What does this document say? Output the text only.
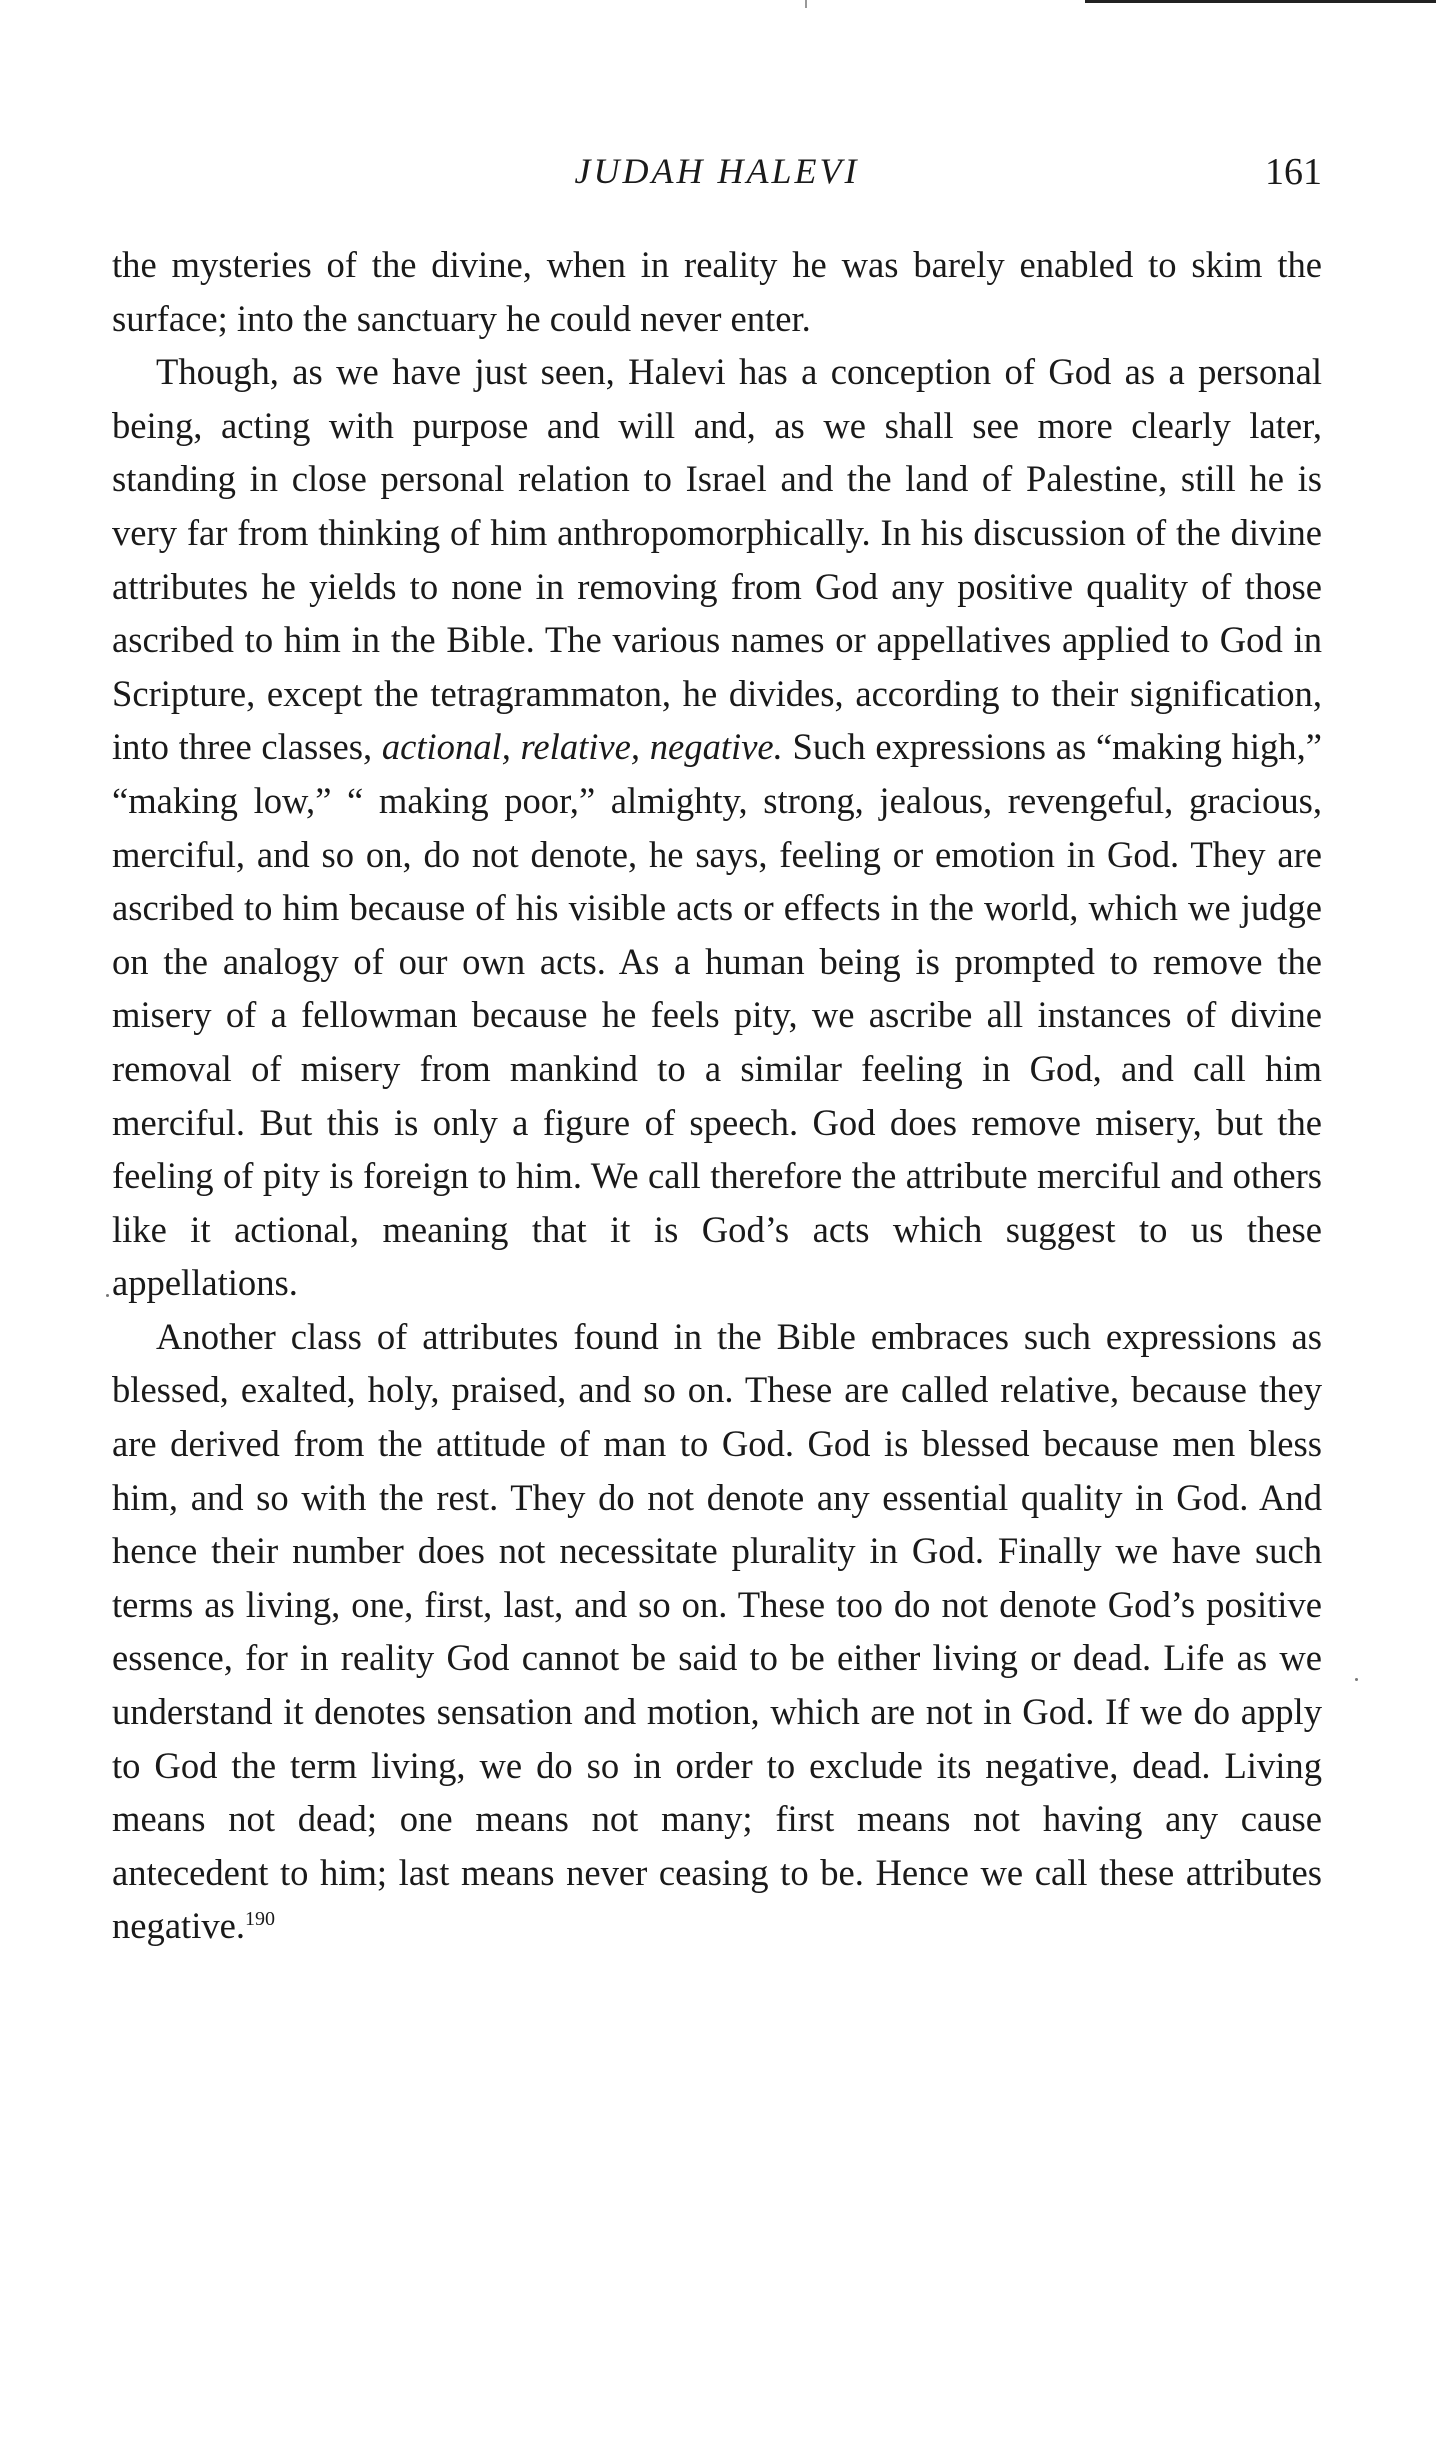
JUDAH HALEVI	161

the mysteries of the divine, when in reality he was barely enabled to skim the surface; into the sanctuary he could never enter.

Though, as we have just seen, Halevi has a conception of God as a personal being, acting with purpose and will and, as we shall see more clearly later, standing in close personal relation to Israel and the land of Palestine, still he is very far from thinking of him anthropomorphically. In his discussion of the divine attributes he yields to none in removing from God any positive quality of those ascribed to him in the Bible. The various names or appellatives applied to God in Scripture, except the tetragrammaton, he divides, according to their signification, into three classes, actional, relative, negative. Such expressions as “making high,” “making low,” “ making poor,” almighty, strong, jealous, revengeful, gracious, merciful, and so on, do not denote, he says, feeling or emotion in God. They are ascribed to him because of his visible acts or effects in the world, which we judge on the analogy of our own acts. As a human being is prompted to remove the misery of a fellowman because he feels pity, we ascribe all instances of divine removal of misery from mankind to a similar feeling in God, and call him merciful. But this is only a figure of speech. God does remove misery, but the feeling of pity is foreign to him. We call therefore the attribute merciful and others like it actional, meaning that it is God’s acts which suggest to us these appellations.

Another class of attributes found in the Bible embraces such expressions as blessed, exalted, holy, praised, and so on. These are called relative, because they are derived from the attitude of man to God. God is blessed because men bless him, and so with the rest. They do not denote any essential quality in God. And hence their number does not necessitate plurality in God. Finally we have such terms as living, one, first, last, and so on. These too do not denote God’s positive essence, for in reality God cannot be said to be either living or dead. Life as we understand it denotes sensation and motion, which are not in God. If we do apply to God the term living, we do so in order to exclude its negative, dead. Living means not dead; one means not many; first means not having any cause antecedent to him; last means never ceasing to be. Hence we call these attributes negative.$^{190}$
